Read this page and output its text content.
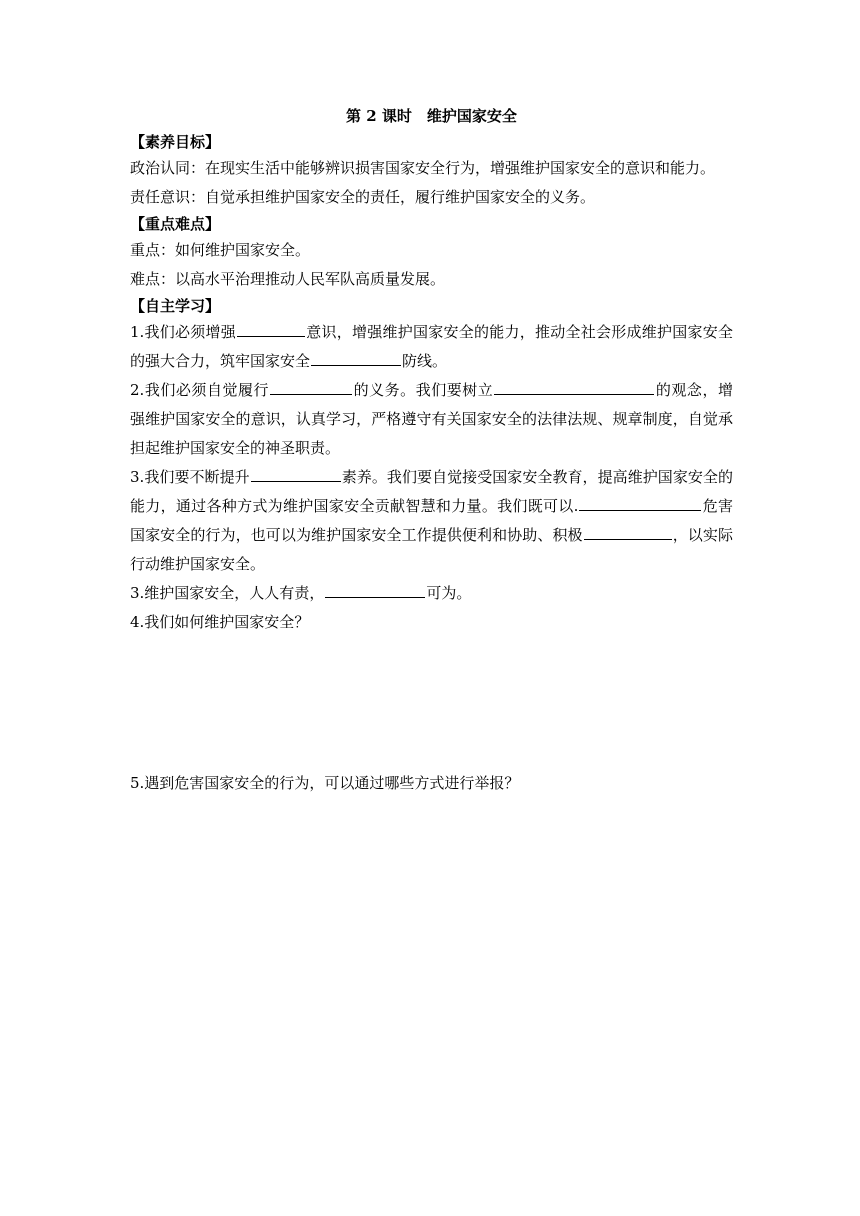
第 2 课时　维护国家安全
【素养目标】
政治认同：在现实生活中能够辨识损害国家安全行为，增强维护国家安全的意识和能力。
责任意识：自觉承担维护国家安全的责任，履行维护国家安全的义务。
【重点难点】
重点：如何维护国家安全。
难点：以高水平治理推动人民军队高质量发展。
【自主学习】
1.我们必须增强	意识，增强维护国家安全的能力，推动全社会形成维护国家安全的强大合力，筑牢国家安全	防线。
2.我们必须自觉履行	的义务。我们要树立	的观念，增强维护国家安全的意识，认真学习，严格遵守有关国家安全的法律法规、规章制度，自觉承担起维护国家安全的神圣职责。
3.我们要不断提升	素养。我们要自觉接受国家安全教育，提高维护国家安全的能力，通过各种方式为维护国家安全贡献智慧和力量。我们既可以.	危害国家安全的行为，也可以为维护国家安全工作提供便利和协助、积极	，以实际行动维护国家安全。
3.维护国家安全，人人有责，	可为。
4.我们如何维护国家安全？
5.遇到危害国家安全的行为，可以通过哪些方式进行举报？
